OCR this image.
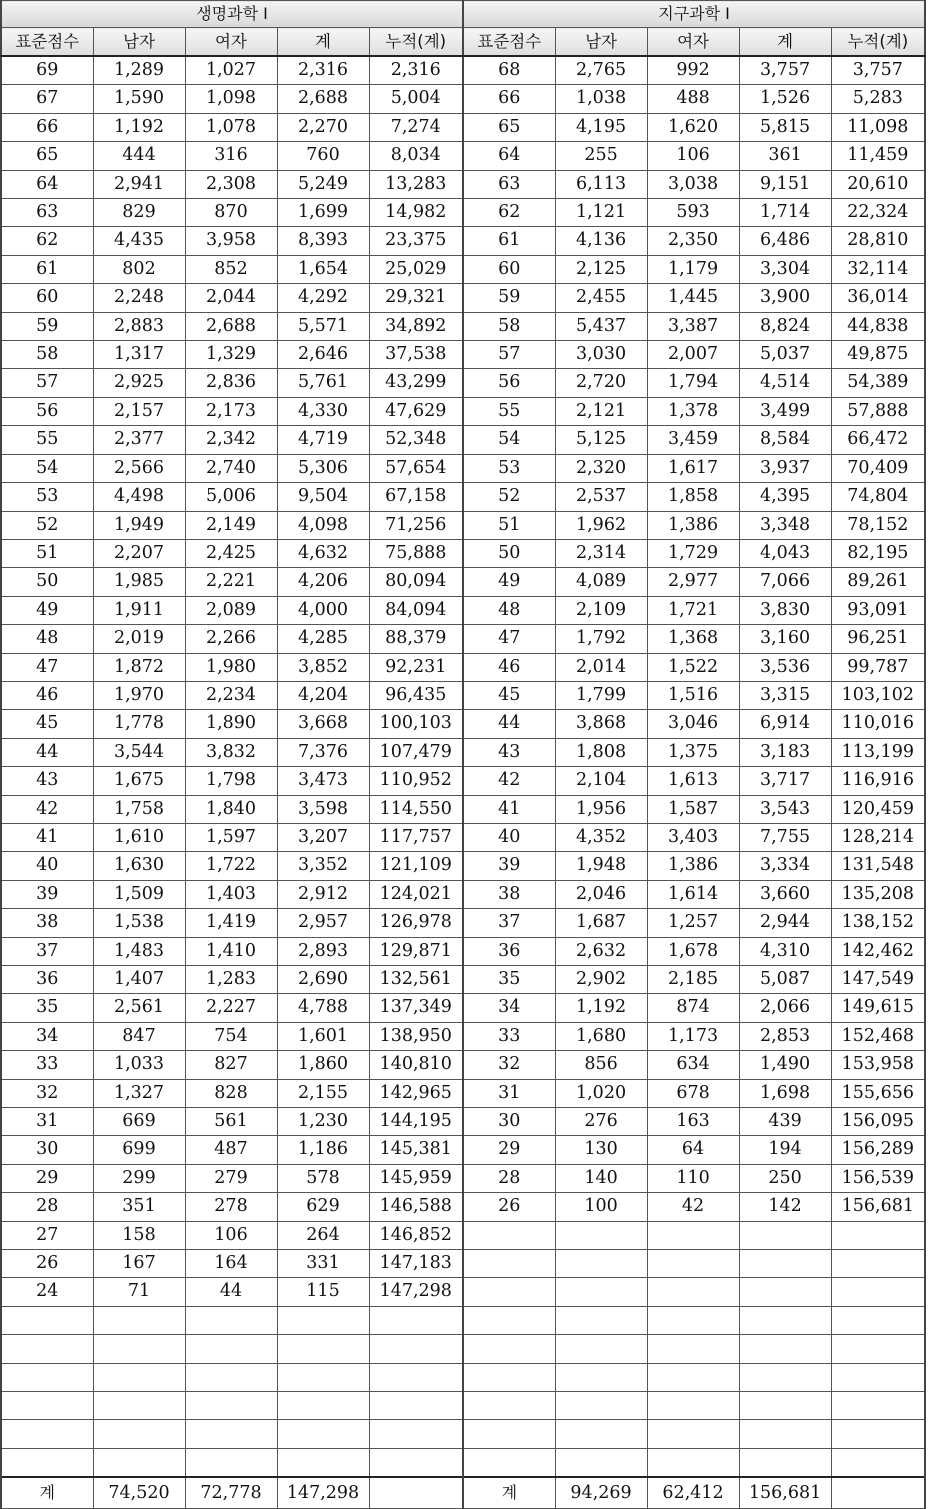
생명과학 I					지구과학 I				
표준점수	남자	여자	계	누적(계)	표준점수	남자	여자	계	누적(계)
69	1,289	1,027	2,316	2,316	68	2,765	992	3,757	3,757
67	1,590	1,098	2,688	5,004	66	1,038	488	1,526	5,283
66	1,192	1,078	2,270	7,274	65	4,195	1,620	5,815	11,098
65	444	316	760	8,034	64	255	106	361	11,459
64	2,941	2,308	5,249	13,283	63	6,113	3,038	9,151	20,610
63	829	870	1,699	14,982	62	1,121	593	1,714	22,324
62	4,435	3,958	8,393	23,375	61	4,136	2,350	6,486	28,810
61	802	852	1,654	25,029	60	2,125	1,179	3,304	32,114
60	2,248	2,044	4,292	29,321	59	2,455	1,445	3,900	36,014
59	2,883	2,688	5,571	34,892	58	5,437	3,387	8,824	44,838
58	1,317	1,329	2,646	37,538	57	3,030	2,007	5,037	49,875
57	2,925	2,836	5,761	43,299	56	2,720	1,794	4,514	54,389
56	2,157	2,173	4,330	47,629	55	2,121	1,378	3,499	57,888
55	2,377	2,342	4,719	52,348	54	5,125	3,459	8,584	66,472
54	2,566	2,740	5,306	57,654	53	2,320	1,617	3,937	70,409
53	4,498	5,006	9,504	67,158	52	2,537	1,858	4,395	74,804
52	1,949	2,149	4,098	71,256	51	1,962	1,386	3,348	78,152
51	2,207	2,425	4,632	75,888	50	2,314	1,729	4,043	82,195
50	1,985	2,221	4,206	80,094	49	4,089	2,977	7,066	89,261
49	1,911	2,089	4,000	84,094	48	2,109	1,721	3,830	93,091
48	2,019	2,266	4,285	88,379	47	1,792	1,368	3,160	96,251
47	1,872	1,980	3,852	92,231	46	2,014	1,522	3,536	99,787
46	1,970	2,234	4,204	96,435	45	1,799	1,516	3,315	103,102
45	1,778	1,890	3,668	100,103	44	3,868	3,046	6,914	110,016
44	3,544	3,832	7,376	107,479	43	1,808	1,375	3,183	113,199
43	1,675	1,798	3,473	110,952	42	2,104	1,613	3,717	116,916
42	1,758	1,840	3,598	114,550	41	1,956	1,587	3,543	120,459
41	1,610	1,597	3,207	117,757	40	4,352	3,403	7,755	128,214
40	1,630	1,722	3,352	121,109	39	1,948	1,386	3,334	131,548
39	1,509	1,403	2,912	124,021	38	2,046	1,614	3,660	135,208
38	1,538	1,419	2,957	126,978	37	1,687	1,257	2,944	138,152
37	1,483	1,410	2,893	129,871	36	2,632	1,678	4,310	142,462
36	1,407	1,283	2,690	132,561	35	2,902	2,185	5,087	147,549
35	2,561	2,227	4,788	137,349	34	1,192	874	2,066	149,615
34	847	754	1,601	138,950	33	1,680	1,173	2,853	152,468
33	1,033	827	1,860	140,810	32	856	634	1,490	153,958
32	1,327	828	2,155	142,965	31	1,020	678	1,698	155,656
31	669	561	1,230	144,195	30	276	163	439	156,095
30	699	487	1,186	145,381	29	130	64	194	156,289
29	299	279	578	145,959	28	140	110	250	156,539
28	351	278	629	146,588	26	100	42	142	156,681
27	158	106	264	146,852					
26	167	164	331	147,183					
24	71	44	115	147,298					

계	74,520	72,778	147,298		계	94,269	62,412	156,681	
